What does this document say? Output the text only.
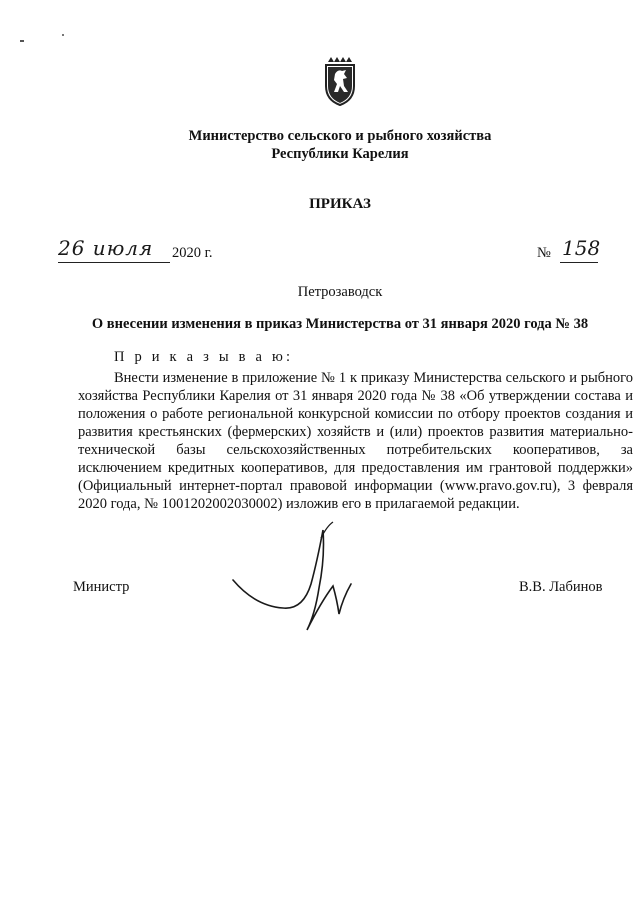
Министерство сельского и рыбного хозяйства
Республики Карелия
ПРИКАЗ
26 июля 2020 г.	№ 158
Петрозаводск
О внесении изменения в приказ Министерства от 31 января 2020 года № 38
П р и к а з ы в а ю:
Внести изменение в приложение № 1 к приказу Министерства сельского и рыбного хозяйства Республики Карелия от 31 января 2020 года № 38 «Об утверждении состава и положения о работе региональной конкурсной комиссии по отбору проектов создания и развития крестьянских (фермерских) хозяйств и (или) проектов развития материально-технической базы сельскохозяйственных потребительских кооперативов, за исключением кредитных кооперативов, для предоставления им грантовой поддержки» (Официальный интернет-портал правовой информации (www.pravo.gov.ru), 3 февраля 2020 года, № 1001202002030002) изложив его в прилагаемой редакции.
Министр	В.В. Лабинов
